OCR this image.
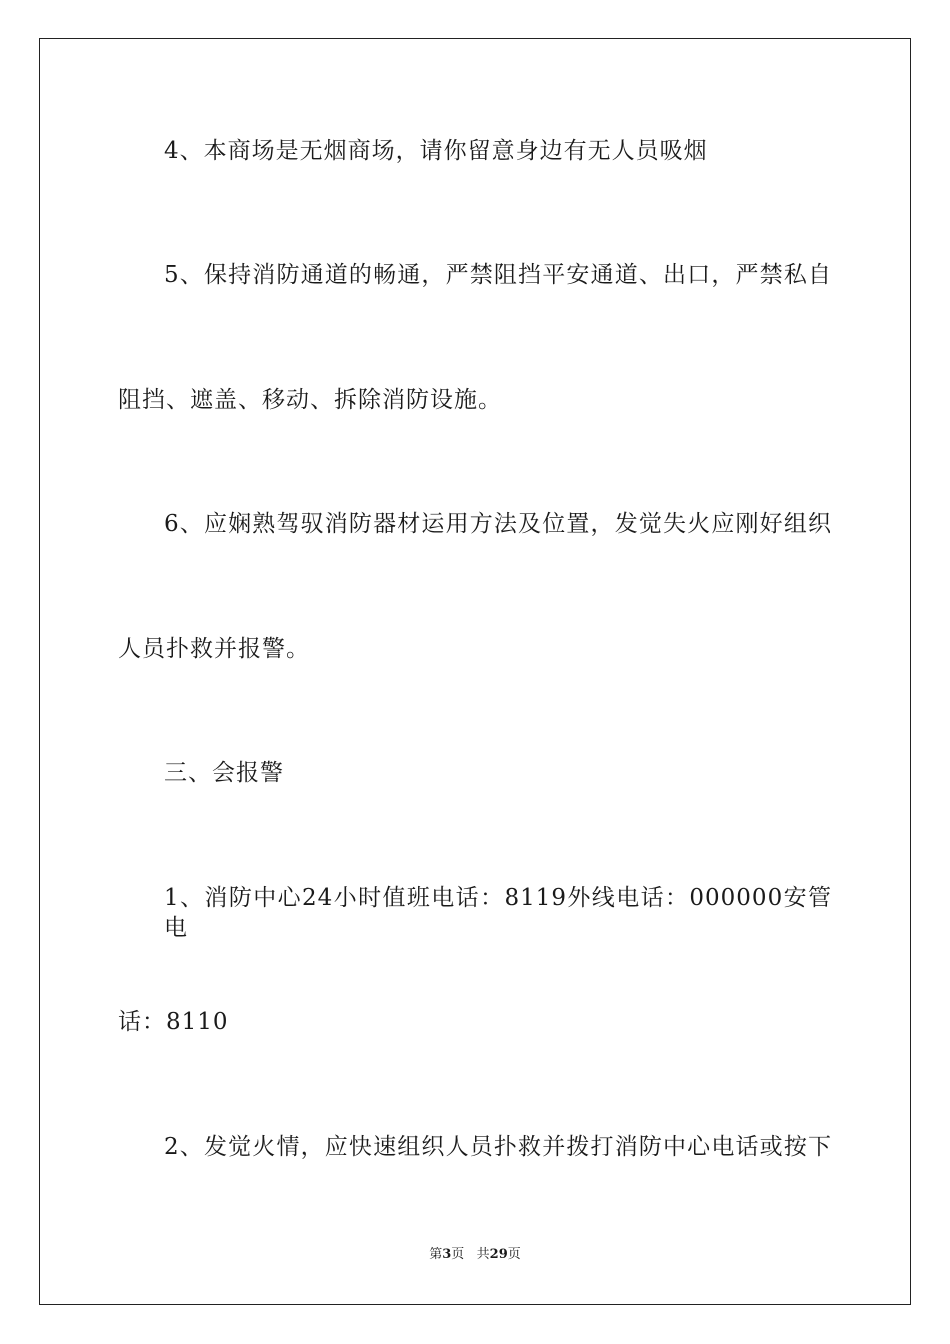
4、本商场是无烟商场，请你留意身边有无人员吸烟
5、保持消防通道的畅通，严禁阻挡平安通道、出口，严禁私自
阻挡、遮盖、移动、拆除消防设施。
6、应娴熟驾驭消防器材运用方法及位置，发觉失火应刚好组织
人员扑救并报警。
三、会报警
1、消防中心24小时值班电话：8119外线电话：000000安管电
话：8110
2、发觉火情，应快速组织人员扑救并拨打消防中心电话或按下
第3页   共29页
